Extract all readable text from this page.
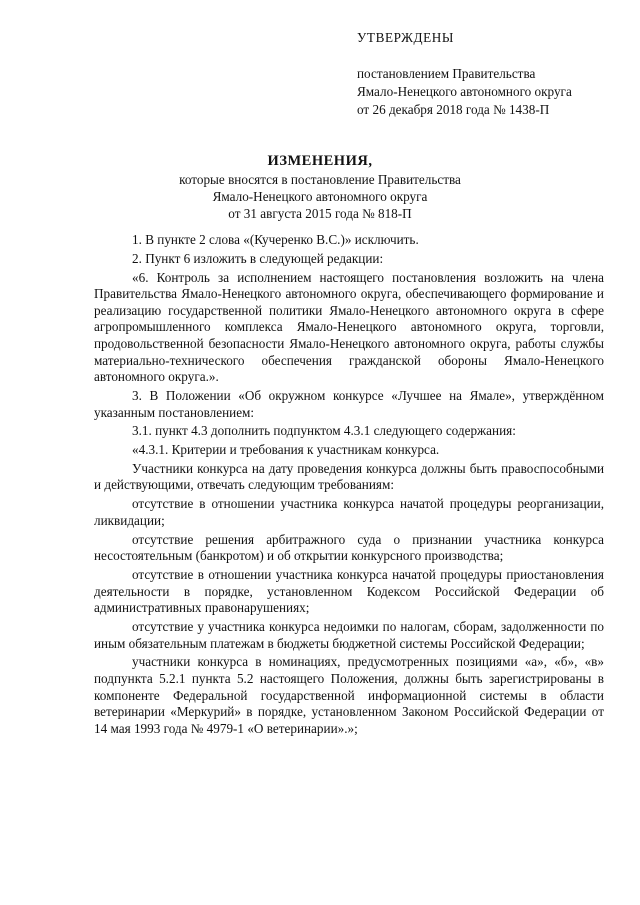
УТВЕРЖДЕНЫ
постановлением Правительства
Ямало-Ненецкого автономного округа
от 26 декабря 2018 года № 1438-П
ИЗМЕНЕНИЯ,
которые вносятся в постановление Правительства
Ямало-Ненецкого автономного округа
от 31 августа 2015 года № 818-П

1. В пункте 2 слова «(Кучеренко В.С.)» исключить.

2. Пункт 6 изложить в следующей редакции:

«6. Контроль за исполнением настоящего постановления возложить на члена Правительства Ямало-Ненецкого автономного округа, обеспечивающего формирование и реализацию государственной политики Ямало-Ненецкого автономного округа в сфере агропромышленного комплекса Ямало-Ненецкого автономного округа, торговли, продовольственной безопасности Ямало-Ненецкого автономного округа, работы службы материально-технического обеспечения гражданской обороны Ямало-Ненецкого автономного округа.».

3. В Положении «Об окружном конкурсе «Лучшее на Ямале», утверждённом указанным постановлением:

3.1. пункт 4.3 дополнить подпунктом 4.3.1 следующего содержания:

«4.3.1. Критерии и требования к участникам конкурса.

Участники конкурса на дату проведения конкурса должны быть правоспособными и действующими, отвечать следующим требованиям:

отсутствие в отношении участника конкурса начатой процедуры реорганизации, ликвидации;

отсутствие решения арбитражного суда о признании участника конкурса несостоятельным (банкротом) и об открытии конкурсного производства;

отсутствие в отношении участника конкурса начатой процедуры приостановления деятельности в порядке, установленном Кодексом Российской Федерации об административных правонарушениях;

отсутствие у участника конкурса недоимки по налогам, сборам, задолженности по иным обязательным платежам в бюджеты бюджетной системы Российской Федерации;

участники конкурса в номинациях, предусмотренных позициями «а», «б», «в» подпункта 5.2.1 пункта 5.2 настоящего Положения, должны быть зарегистрированы в компоненте Федеральной государственной информационной системы в области ветеринарии «Меркурий» в порядке, установленном Законом Российской Федерации от 14 мая 1993 года № 4979-1 «О ветеринарии».»;
